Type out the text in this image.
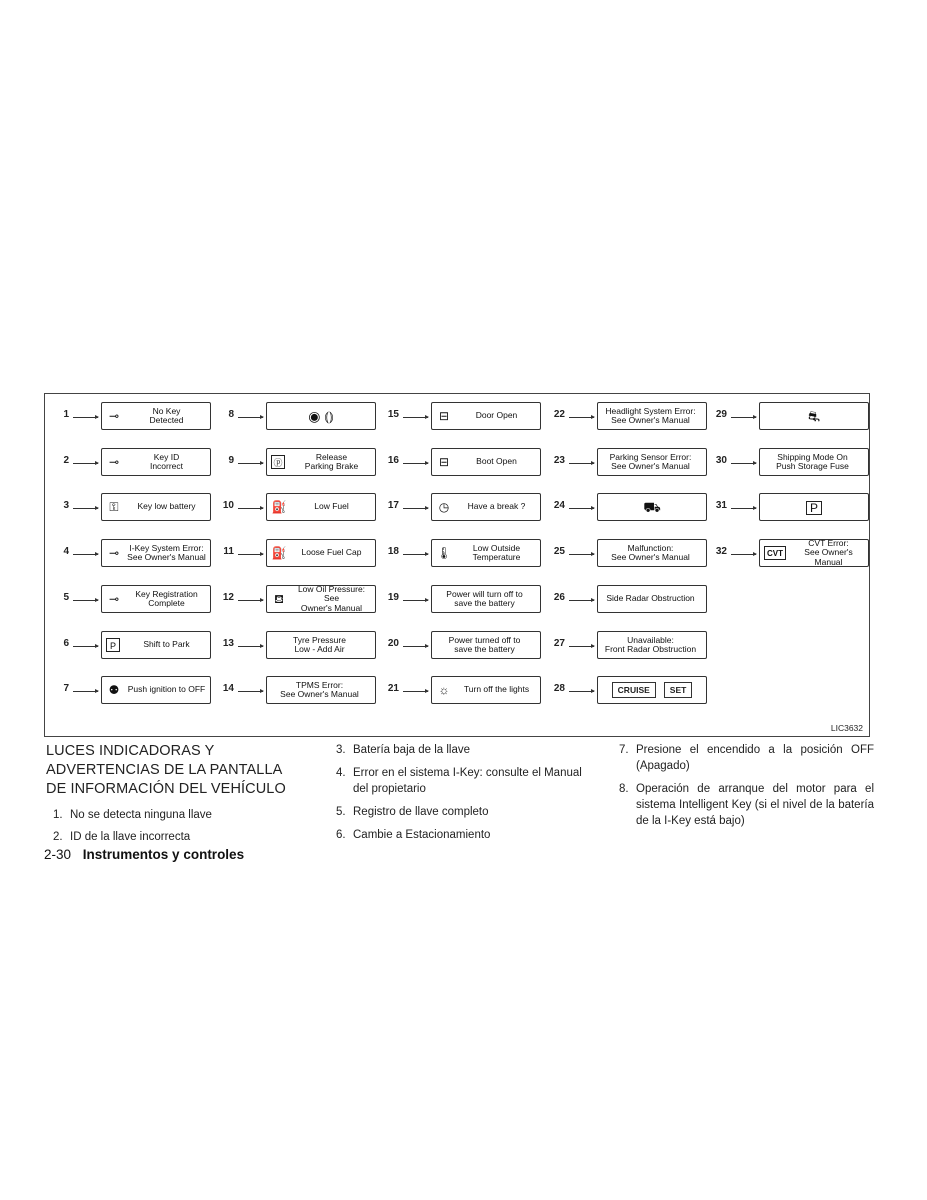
1	⊸	No Key
Detected
2	⊸	Key ID
Incorrect
3	⚿	Key low battery
4	⊸	I-Key System Error:
See Owner's Manual
5	⊸	Key Registration
Complete
6	P	Shift to Park
7	⚉ Push ignition to OFF
8	◉ ⦅⦆
9	ⓟ
Release
Parking Brake
10	⛽	Low Fuel
11	⛽	Loose Fuel Cap
12	⛾
Low Oil Pressure: See
Owner's Manual
13	Tyre Pressure
Low - Add Air
14	TPMS Error:
See Owner's Manual
15	⊟	Door Open
16	⊟	Boot Open
17	◷	Have a break ?
18	🌡	Low Outside
Temperature
19	Power will turn off to
save the battery
20	Power turned off to
save the battery
21	☼	Turn off the lights
22	Headlight System Error:
See Owner's Manual
23	Parking Sensor Error:
See Owner's Manual
24	⛟
25	Malfunction:
See Owner's Manual
26	Side Radar Obstruction
27	Unavailable:
Front Radar Obstruction
28	CRUISE	SET
29	⛐
30	Shipping Mode On
Push Storage Fuse
31	P
32	CVT
CVT Error:
See Owner's Manual
LIC3632
LUCES INDICADORAS Y
ADVERTENCIAS DE LA PANTALLA
DE INFORMACIÓN DEL VEHÍCULO
1. No se detecta ninguna llave
2. ID de la llave incorrecta
3. Batería baja de la llave
4. Error en el sistema I-Key: consulte el Manual del propietario
5. Registro de llave completo
6. Cambie a Estacionamiento
7. Presione el encendido a la posición OFF (Apagado)
8. Operación de arranque del motor para el sistema Intelligent Key (si el nivel de la batería de la I-Key está bajo)
2-30 Instrumentos y controles
